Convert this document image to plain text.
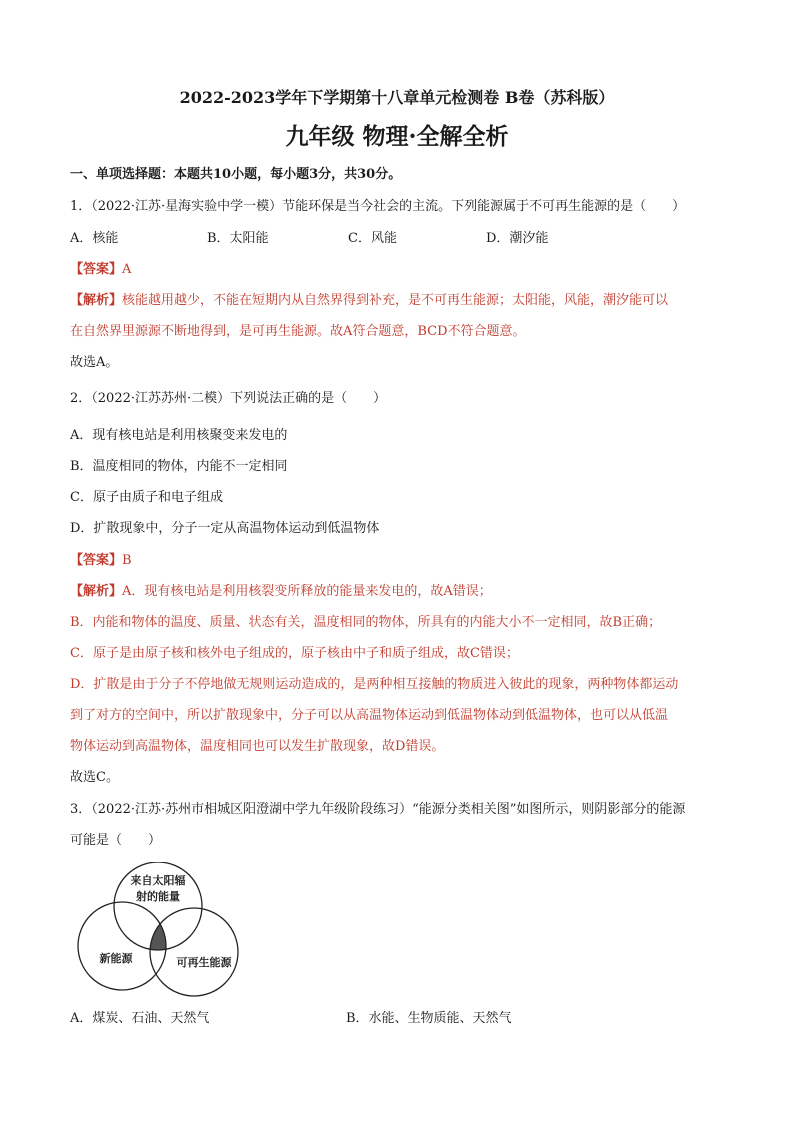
2022-2023学年下学期第十八章单元检测卷 B卷（苏科版）
九年级 物理·全解全析
一、单项选择题：本题共10小题，每小题3分，共30分。
1．（2022·江苏·星海实验中学一模）节能环保是当今社会的主流。下列能源属于不可再生能源的是（　　）
A．核能	B．太阳能	C．风能	D．潮汐能
【答案】A
【解析】核能越用越少，不能在短期内从自然界得到补充，是不可再生能源；太阳能，风能，潮汐能可以
在自然界里源源不断地得到，是可再生能源。故A符合题意，BCD不符合题意。
故选A。
2．（2022·江苏苏州·二模）下列说法正确的是（　　）
A．现有核电站是利用核聚变来发电的
B．温度相同的物体，内能不一定相同
C．原子由质子和电子组成
D．扩散现象中，分子一定从高温物体运动到低温物体
【答案】B
【解析】A．现有核电站是利用核裂变所释放的能量来发电的，故A错误；
B．内能和物体的温度、质量、状态有关，温度相同的物体，所具有的内能大小不一定相同，故B正确；
C．原子是由原子核和核外电子组成的，原子核由中子和质子组成，故C错误；
D．扩散是由于分子不停地做无规则运动造成的，是两种相互接触的物质进入彼此的现象，两种物体都运动
到了对方的空间中，所以扩散现象中，分子可以从高温物体运动到低温物体动到低温物体，也可以从低温
物体运动到高温物体，温度相同也可以发生扩散现象，故D错误。
故选C。
3．（2022·江苏·苏州市相城区阳澄湖中学九年级阶段练习）“能源分类相关图”如图所示，则阴影部分的能源
可能是（　　）
来自太阳辐
射的能量
新能源	可再生能源
A．煤炭、石油、天然气	B．水能、生物质能、天然气
